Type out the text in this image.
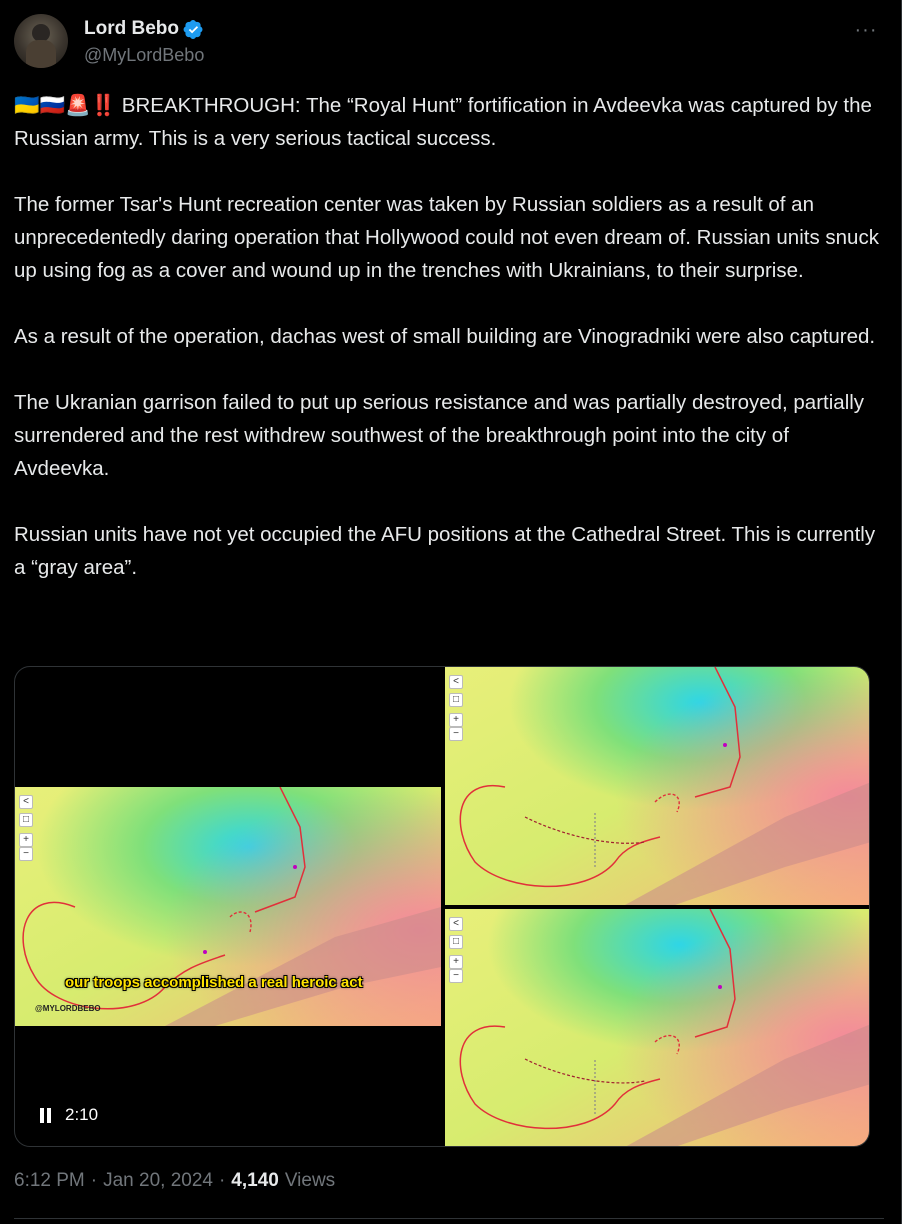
Lord Bebo
@MyLordBebo
···
🇺🇦🇷🇺🚨‼️ BREAKTHROUGH: The “Royal Hunt” fortification in Avdeevka was captured by the Russian army. This is a very serious tactical success.

The former Tsar's Hunt recreation center was taken by Russian soldiers as a result of an unprecedentedly daring operation that Hollywood could not even dream of. Russian units snuck up using fog as a cover and wound up in the trenches with Ukrainians, to their surprise.

As a result of the operation, dachas west of small building are Vinogradniki were also captured.

The Ukranian garrison failed to put up serious resistance and was partially destroyed, partially surrendered and the rest withdrew southwest of the breakthrough point into the city of Avdeevka.

Russian units have not yet occupied the AFU positions at the Cathedral Street. This is currently a “gray area”.
<
□
+
−
our troops accomplished a real heroic act
@MYLORDBEBO
<
□
+
−
<
□
+
−
2:10
6:12 PM · Jan 20, 2024 · 4,140 Views
